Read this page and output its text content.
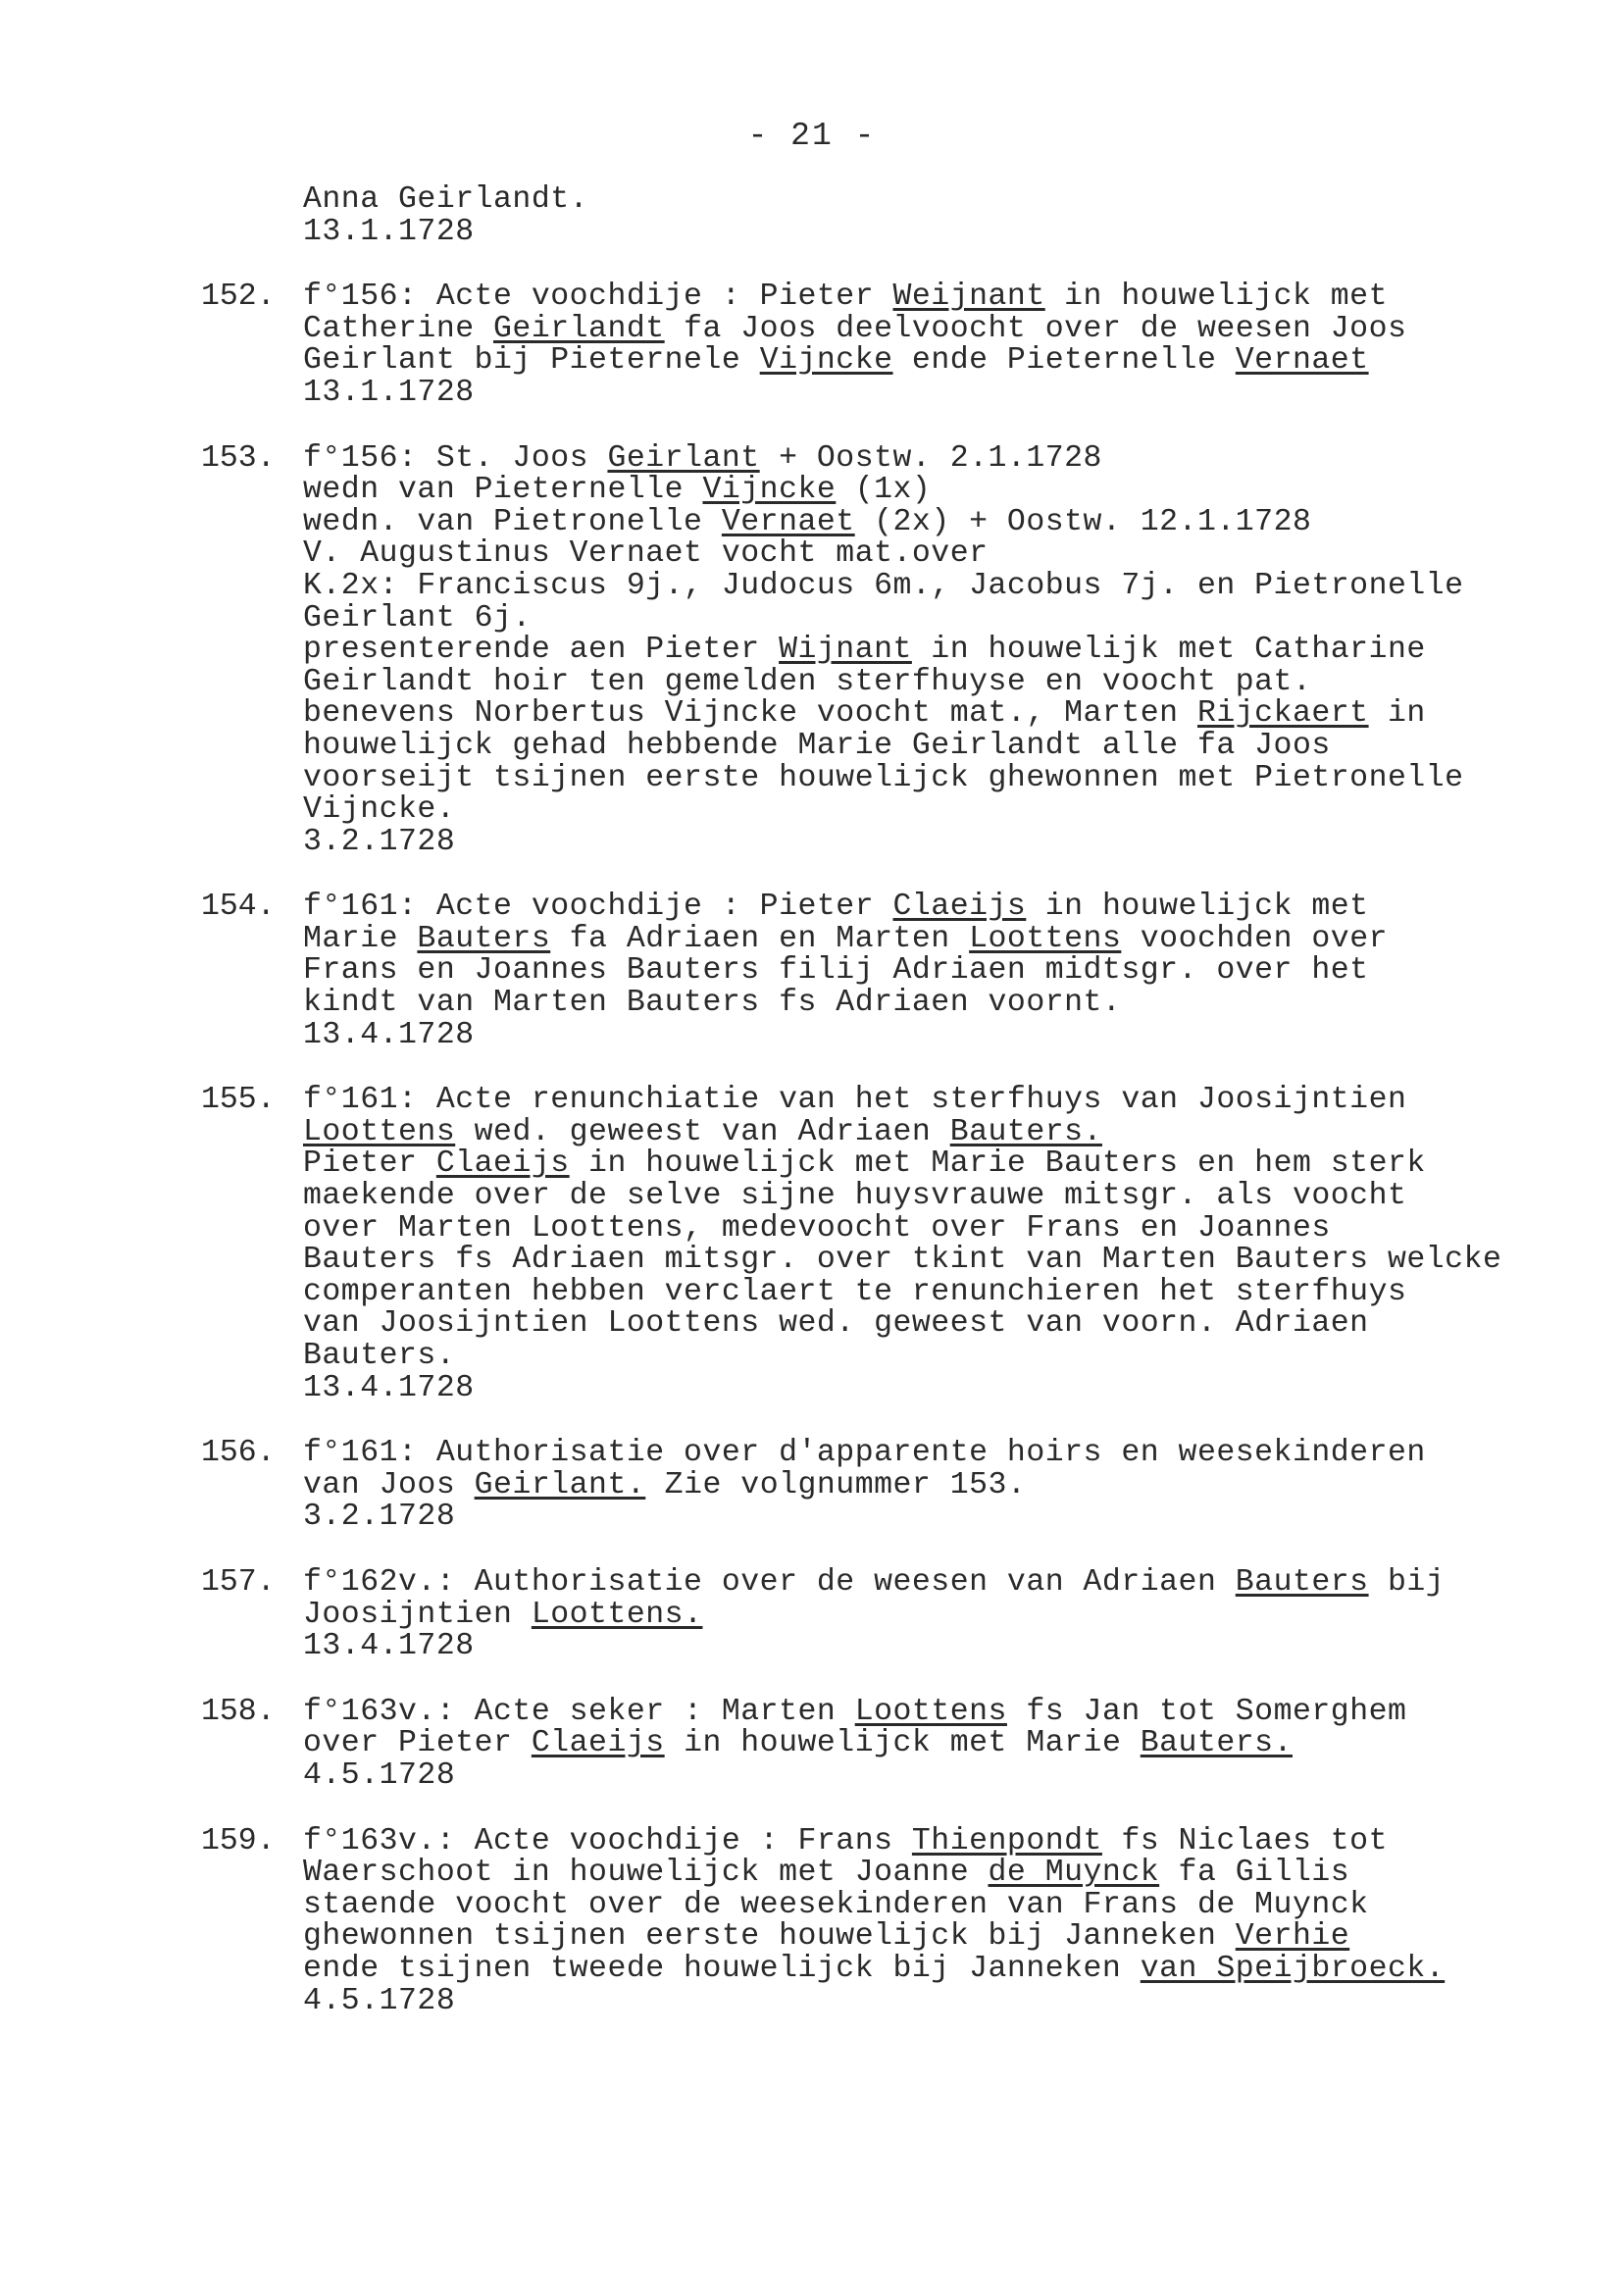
- 21 -
Anna Geirlandt.
13.1.1728
152. f°156: Acte voochdije : Pieter Weijnant in houwelijck met
Catherine Geirlandt fa Joos deelvoocht over de weesen Joos
Geirlant bij Pieternele Vijncke ende Pieternelle Vernaet
13.1.1728
153. f°156: St. Joos Geirlant + Oostw. 2.1.1728
wedn van Pieternelle Vijncke (1x)
wedn. van Pietronelle Vernaet (2x) + Oostw. 12.1.1728
V. Augustinus Vernaet vocht mat.over
K.2x: Franciscus 9j., Judocus 6m., Jacobus 7j. en Pietronelle
Geirlant 6j.
presenterende aen Pieter Wijnant in houwelijk met Catharine
Geirlandt hoir ten gemelden sterfhuyse en voocht pat.
benevens Norbertus Vijncke voocht mat., Marten Rijckaert in
houwelijck gehad hebbende Marie Geirlandt alle fa Joos
voorseijt tsijnen eerste houwelijck ghewonnen met Pietronelle
Vijncke.
3.2.1728
154. f°161: Acte voochdije : Pieter Claeijs in houwelijck met
Marie Bauters fa Adriaen en Marten Loottens voochden over
Frans en Joannes Bauters filij Adriaen midtsgr. over het
kindt van Marten Bauters fs Adriaen voornt.
13.4.1728
155. f°161: Acte renunchiatie van het sterfhuys van Joosijntien
Loottens wed. geweest van Adriaen Bauters.
Pieter Claeijs in houwelijck met Marie Bauters en hem sterk
maekende over de selve sijne huysvrauwe mitsgr. als voocht
over Marten Loottens, medevoocht over Frans en Joannes
Bauters fs Adriaen mitsgr. over tkint van Marten Bauters welcke
comperanten hebben verclaert te renunchieren het sterfhuys
van Joosijntien Loottens wed. geweest van voorn. Adriaen
Bauters.
13.4.1728
156. f°161: Authorisatie over d'apparente hoirs en weesekinderen
van Joos Geirlant. Zie volgnummer 153.
3.2.1728
157. f°162v.: Authorisatie over de weesen van Adriaen Bauters bij
Joosijntien Loottens.
13.4.1728
158. f°163v.: Acte seker : Marten Loottens fs Jan tot Somerghem
over Pieter Claeijs in houwelijck met Marie Bauters.
4.5.1728
159. f°163v.: Acte voochdije : Frans Thienpondt fs Niclaes tot
Waerschoot in houwelijck met Joanne de Muynck fa Gillis
staende voocht over de weesekinderen van Frans de Muynck
ghewonnen tsijnen eerste houwelijck bij Janneken Verhie
ende tsijnen tweede houwelijck bij Janneken van Speijbroeck.
4.5.1728
